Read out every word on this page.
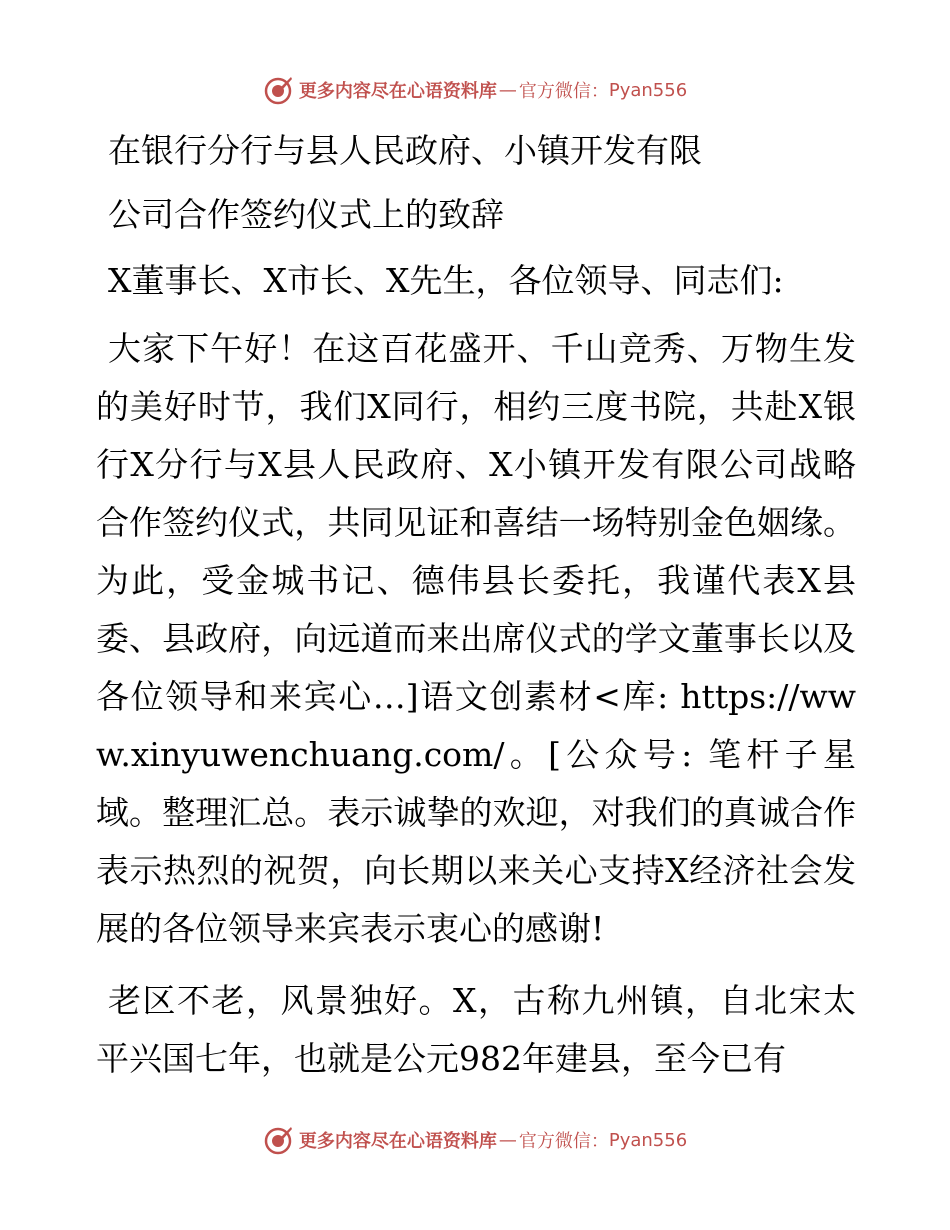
更多内容尽在心语资料库 — 官方微信： Pyan556
在银行分行与县人民政府、小镇开发有限
公司合作签约仪式上的致辞

X董事长、X市长、X先生，各位领导、同志们:

大家下午好！在这百花盛开、千山竞秀、万物生发的美好时节，我们X同行，相约三度书院，共赴X银行X分行与X县人民政府、X小镇开发有限公司战略合作签约仪式，共同见证和喜结一场特别金色姻缘。为此，受金城书记、德伟县长委托，我谨代表X县委、县政府，向远道而来出席仪式的学文董事长以及各位领导和来宾心…]语文创素材<库: https://www.xinyuwenchuang.com/。[公众号: 笔杆子星域。整理汇总。表示诚挚的欢迎，对我们的真诚合作表示热烈的祝贺，向长期以来关心支持X经济社会发展的各位领导来宾表示衷心的感谢!

老区不老，风景独好。X，古称九州镇，自北宋太平兴国七年，也就是公元982年建县，至今已有

更多内容尽在心语资料库 — 官方微信： Pyan556
